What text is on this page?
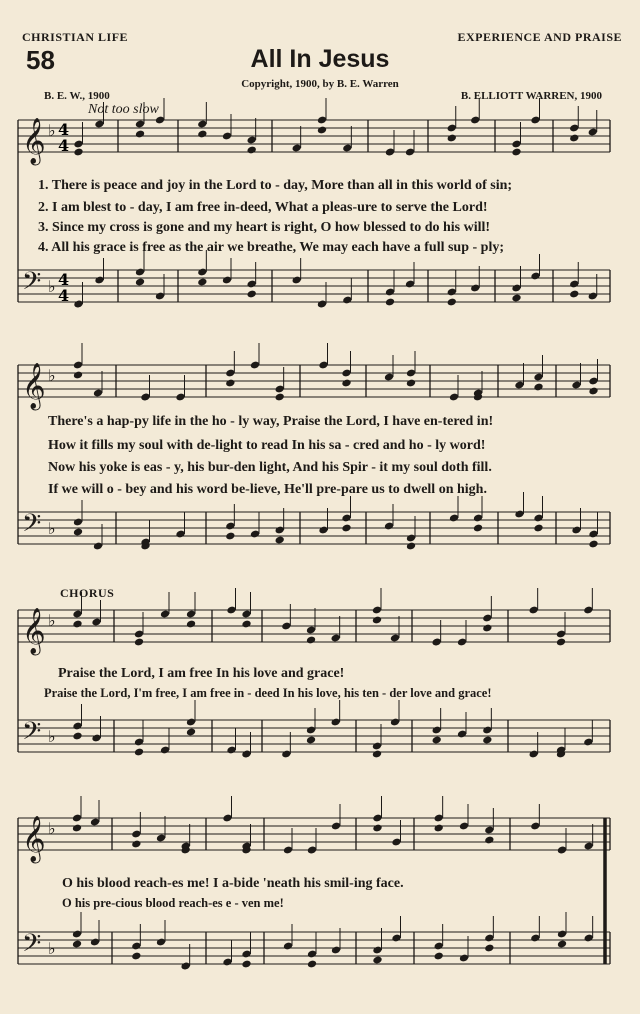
CHRISTIAN LIFE	EXPERIENCE AND PRAISE
58	All In Jesus
Copyright, 1900, by B. E. Warren
B. E. W., 1900	B. ELLIOTT WARREN, 1900
Not too slow
CHORUS
𝄞
𝄢
♭
♭
4
4
4
4
𝄞
𝄢
♭
♭
𝄞
𝄢
♭
♭
𝄞
𝄢
♭
♭
1. There is peace and joy in the Lord to - day, More than all in this world of sin;
2. I am blest to - day, I am free in-deed, What a pleas-ure to serve the Lord!
3. Since my cross is gone and my heart is right, O how blessed to do his will!
4. All his grace is free as the air we breathe, We may each have a full sup - ply;
There's a hap-py life in the ho - ly way, Praise the Lord, I have en-tered in!
How it fills my soul with de-light to read In his sa - cred and ho - ly word!
Now his yoke is eas - y, his bur-den light, And his Spir - it my soul doth fill.
If we will o - bey and his word be-lieve, He'll pre-pare us to dwell on high.
Praise the Lord, I am free In his love and grace!
Praise the Lord, I'm free, I am free in - deed In his love, his ten - der love and grace!
O his blood reach-es me! I a-bide 'neath his smil-ing face.
O his pre-cious blood reach-es e - ven me!
